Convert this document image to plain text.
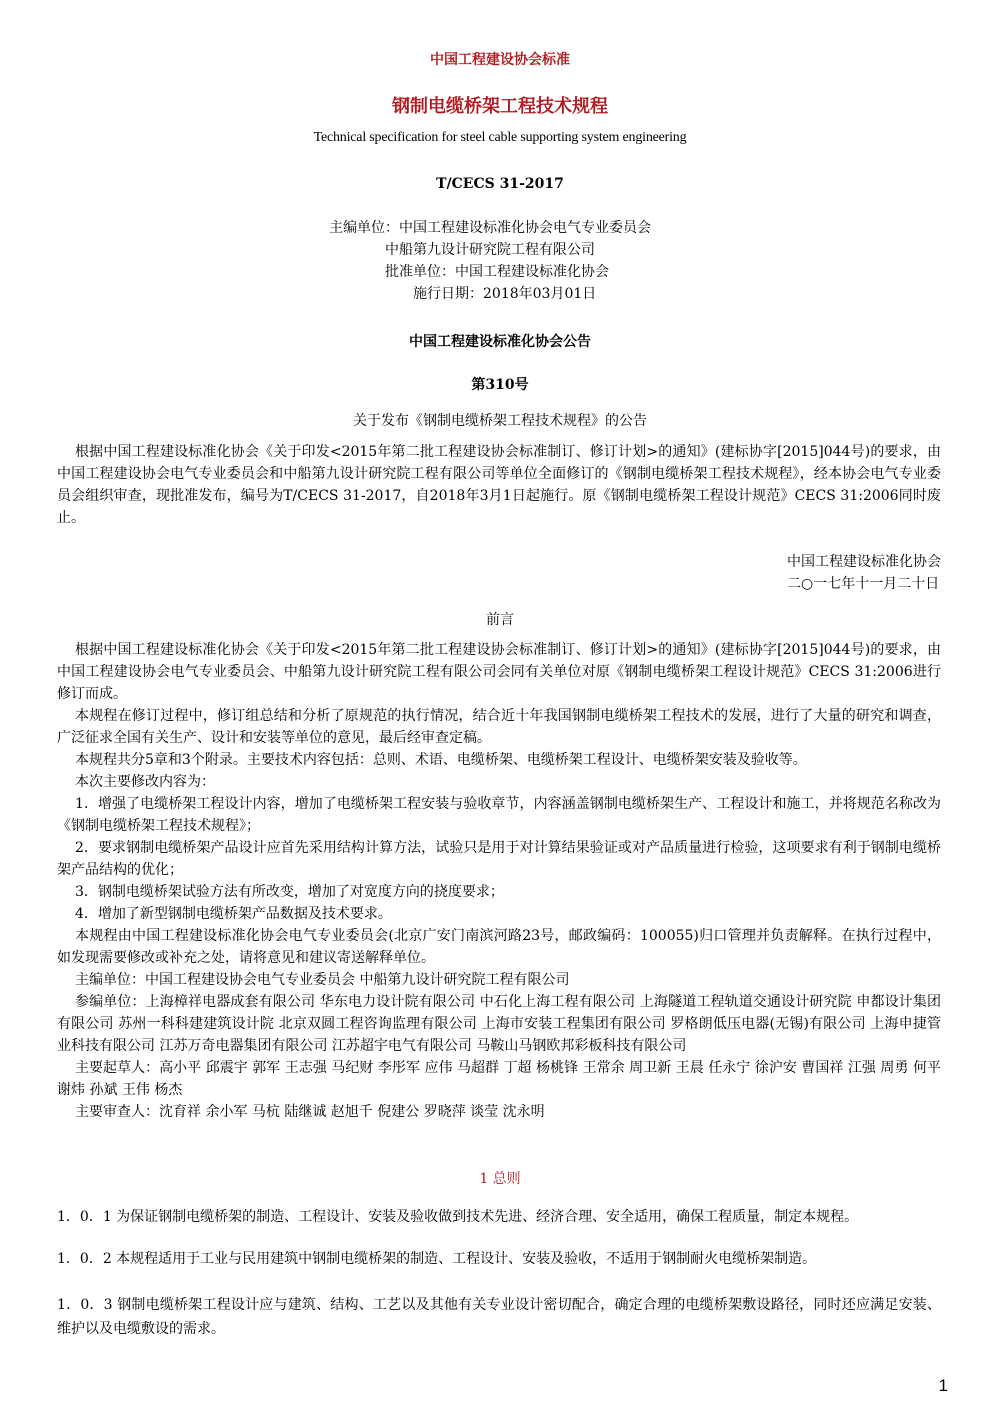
中国工程建设协会标准
钢制电缆桥架工程技术规程
Technical specification for steel cable supporting system engineering
T/CECS 31-2017
主编单位：中国工程建设标准化协会电气专业委员会
中船第九设计研究院工程有限公司
批准单位：中国工程建设标准化协会
施行日期：2018年03月01日
中国工程建设标准化协会公告
第310号
关于发布《钢制电缆桥架工程技术规程》的公告

根据中国工程建设标准化协会《关于印发<2015年第二批工程建设协会标准制订、修订计划>的通知》(建标协字[2015]044号)的要求，由中国工程建设协会电气专业委员会和中船第九设计研究院工程有限公司等单位全面修订的《钢制电缆桥架工程技术规程》，经本协会电气专业委员会组织审查，现批准发布，编号为T/CECS 31-2017，自2018年3月1日起施行。原《钢制电缆桥架工程设计规范》CECS 31:2006同时废止。

中国工程建设标准化协会
二○一七年十一月二十日
前言

根据中国工程建设标准化协会《关于印发<2015年第二批工程建设协会标准制订、修订计划>的通知》(建标协字[2015]044号)的要求，由中国工程建设协会电气专业委员会、中船第九设计研究院工程有限公司会同有关单位对原《钢制电缆桥架工程设计规范》CECS 31:2006进行修订而成。

本规程在修订过程中，修订组总结和分析了原规范的执行情况，结合近十年我国钢制电缆桥架工程技术的发展，进行了大量的研究和调查，广泛征求全国有关生产、设计和安装等单位的意见，最后经审查定稿。

本规程共分5章和3个附录。主要技术内容包括：总则、术语、电缆桥架、电缆桥架工程设计、电缆桥架安装及验收等。

本次主要修改内容为：

1．增强了电缆桥架工程设计内容，增加了电缆桥架工程安装与验收章节，内容涵盖钢制电缆桥架生产、工程设计和施工，并将规范名称改为《钢制电缆桥架工程技术规程》；

2．要求钢制电缆桥架产品设计应首先采用结构计算方法，试验只是用于对计算结果验证或对产品质量进行检验，这项要求有利于钢制电缆桥架产品结构的优化；

3．钢制电缆桥架试验方法有所改变，增加了对宽度方向的挠度要求；

4．增加了新型钢制电缆桥架产品数据及技术要求。

本规程由中国工程建设标准化协会电气专业委员会(北京广安门南滨河路23号，邮政编码：100055)归口管理并负责解释。在执行过程中，如发现需要修改或补充之处，请将意见和建议寄送解释单位。

主编单位：中国工程建设协会电气专业委员会 中船第九设计研究院工程有限公司

参编单位：上海樟祥电器成套有限公司 华东电力设计院有限公司 中石化上海工程有限公司 上海隧道工程轨道交通设计研究院 申都设计集团有限公司 苏州一科科建建筑设计院 北京双圆工程咨询监理有限公司 上海市安装工程集团有限公司 罗格朗低压电器(无锡)有限公司 上海申捷管业科技有限公司 江苏万奇电器集团有限公司 江苏超宇电气有限公司 马鞍山马钢欧邦彩板科技有限公司

主要起草人：高小平 邱震宇 郭军 王志强 马纪财 李彤军 应伟 马超群 丁超 杨桃锋 王常余 周卫新 王晨 任永宁 徐沪安 曹国祥 江强 周勇 何平 谢炜 孙斌 王伟 杨杰

主要审查人：沈育祥 余小军 马杭 陆继诚 赵旭千 倪建公 罗晓萍 谈莹 沈永明

1 总则
1．0．1 为保证钢制电缆桥架的制造、工程设计、安装及验收做到技术先进、经济合理、安全适用，确保工程质量，制定本规程。
1．0．2 本规程适用于工业与民用建筑中钢制电缆桥架的制造、工程设计、安装及验收，不适用于钢制耐火电缆桥架制造。
1．0．3 钢制电缆桥架工程设计应与建筑、结构、工艺以及其他有关专业设计密切配合，确定合理的电缆桥架敷设路径，同时还应满足安装、维护以及电缆敷设的需求。
1
